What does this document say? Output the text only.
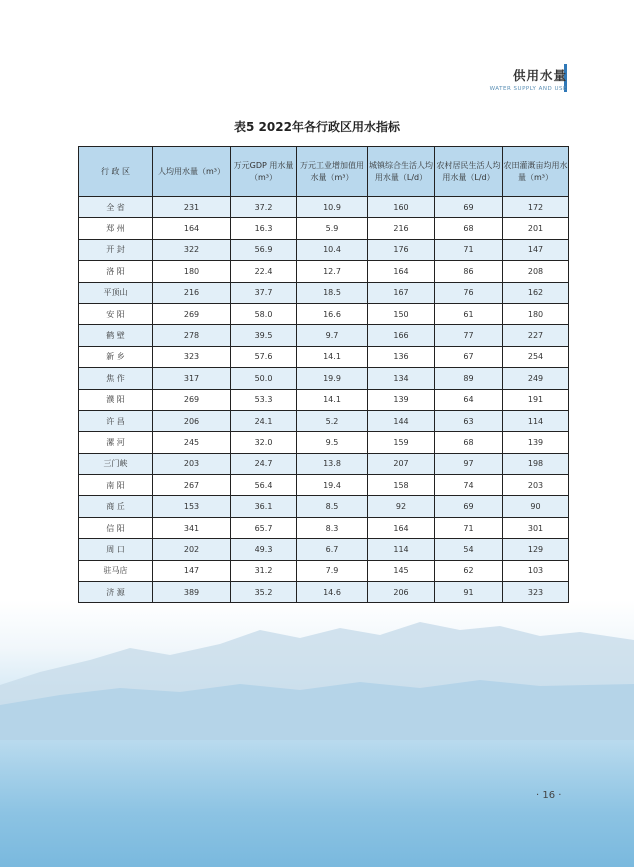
供用水量
WATER SUPPLY AND USE
表5 2022年各行政区用水指标
行 政 区	人均用水量（m³）	万元GDP 用水量（m³）	万元工业增加值用水量（m³）	城镇综合生活人均用水量（L/d）	农村居民生活人均用水量（L/d）	农田灌溉亩均用水量（m³）
全 省	231	37.2	10.9	160	69	172
郑 州	164	16.3	5.9	216	68	201
开 封	322	56.9	10.4	176	71	147
洛 阳	180	22.4	12.7	164	86	208
平顶山	216	37.7	18.5	167	76	162
安 阳	269	58.0	16.6	150	61	180
鹤 壁	278	39.5	9.7	166	77	227
新 乡	323	57.6	14.1	136	67	254
焦 作	317	50.0	19.9	134	89	249
濮 阳	269	53.3	14.1	139	64	191
许 昌	206	24.1	5.2	144	63	114
漯 河	245	32.0	9.5	159	68	139
三门峡	203	24.7	13.8	207	97	198
南 阳	267	56.4	19.4	158	74	203
商 丘	153	36.1	8.5	92	69	90
信 阳	341	65.7	8.3	164	71	301
周 口	202	49.3	6.7	114	54	129
驻马店	147	31.2	7.9	145	62	103
济 源	389	35.2	14.6	206	91	323
· 16 ·
